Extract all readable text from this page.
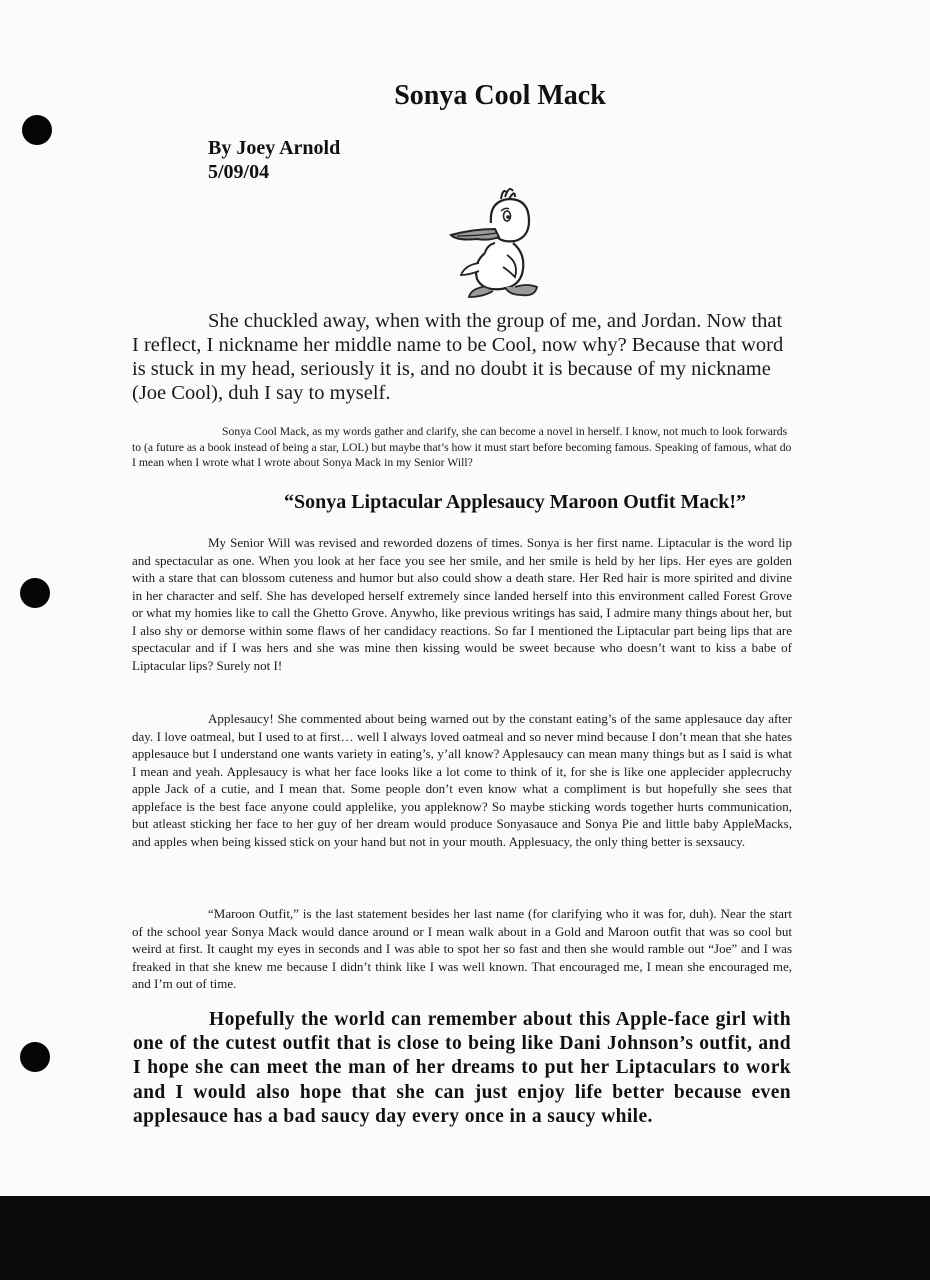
Sonya Cool Mack
By Joey Arnold
5/09/04

She chuckled away, when with the group of me, and Jordan. Now that I reflect, I nickname her middle name to be Cool, now why? Because that word is stuck in my head, seriously it is, and no doubt it is because of my nickname (Joe Cool), duh I say to myself.

Sonya Cool Mack, as my words gather and clarify, she can become a novel in herself. I know, not much to look forwards to (a future as a book instead of being a star, LOL) but maybe that’s how it must start before becoming famous. Speaking of famous, what do I mean when I wrote what I wrote about Sonya Mack in my Senior Will?

“Sonya Liptacular Applesaucy Maroon Outfit Mack!”

My Senior Will was revised and reworded dozens of times. Sonya is her first name. Liptacular is the word lip and spectacular as one. When you look at her face you see her smile, and her smile is held by her lips. Her eyes are golden with a stare that can blossom cuteness and humor but also could show a death stare. Her Red hair is more spirited and divine in her character and self. She has developed herself extremely since landed herself into this environment called Forest Grove or what my homies like to call the Ghetto Grove. Anywho, like previous writings has said, I admire many things about her, but I also shy or demorse within some flaws of her candidacy reactions. So far I mentioned the Liptacular part being lips that are spectacular and if I was hers and she was mine then kissing would be sweet because who doesn’t want to kiss a babe of Liptacular lips? Surely not I!

Applesaucy! She commented about being warned out by the constant eating’s of the same applesauce day after day. I love oatmeal, but I used to at first… well I always loved oatmeal and so never mind because I don’t mean that she hates applesauce but I understand one wants variety in eating’s, y’all know? Applesaucy can mean many things but as I said is what I mean and yeah. Applesaucy is what her face looks like a lot come to think of it, for she is like one applecider applecruchy apple Jack of a cutie, and I mean that. Some people don’t even know what a compliment is but hopefully she sees that appleface is the best face anyone could applelike, you appleknow? So maybe sticking words together hurts communication, but atleast sticking her face to her guy of her dream would produce Sonyasauce and Sonya Pie and little baby AppleMacks, and apples when being kissed stick on your hand but not in your mouth. Applesuacy, the only thing better is sexsaucy.

“Maroon Outfit,” is the last statement besides her last name (for clarifying who it was for, duh). Near the start of the school year Sonya Mack would dance around or I mean walk about in a Gold and Maroon outfit that was so cool but weird at first. It caught my eyes in seconds and I was able to spot her so fast and then she would ramble out “Joe” and I was freaked in that she knew me because I didn’t think like I was well known. That encouraged me, I mean she encouraged me, and I’m out of time.

Hopefully the world can remember about this Apple-face girl with one of the cutest outfit that is close to being like Dani Johnson’s outfit, and I hope she can meet the man of her dreams to put her Liptaculars to work and I would also hope that she can just enjoy life better because even applesauce has a bad saucy day every once in a saucy while.
